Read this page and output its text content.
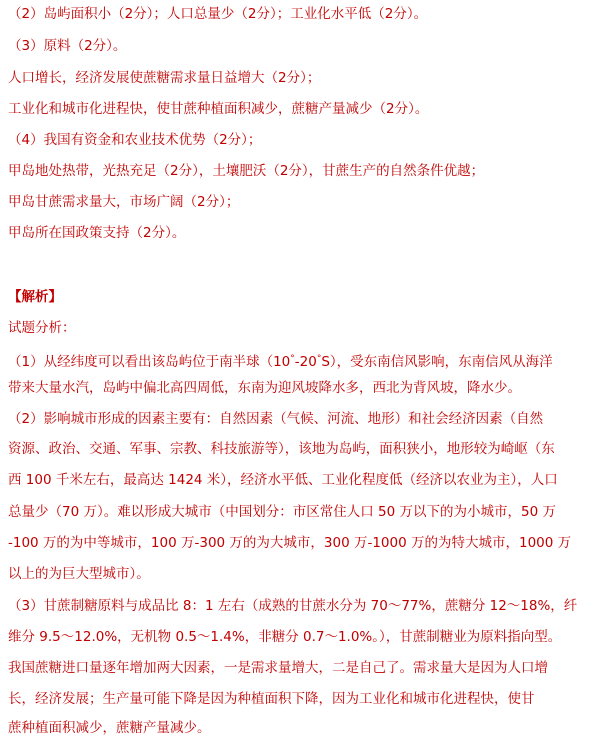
（2）岛屿面积小（2分）；人口总量少（2分）；工业化水平低（2分）。
（3）原料（2分）。
人口增长，经济发展使蔗糖需求量日益增大（2分）；
工业化和城市化进程快，使甘蔗种植面积减少，蔗糖产量减少（2分）。
（4）我国有资金和农业技术优势（2分）；
甲岛地处热带，光热充足（2分），土壤肥沃（2分），甘蔗生产的自然条件优越；
甲岛甘蔗需求量大，市场广阔（2分）；
甲岛所在国政策支持（2分）。
【解析】
试题分析：
（1）从经纬度可以看出该岛屿位于南半球（10°-20°S），受东南信风影响，东南信风从海洋
带来大量水汽，岛屿中偏北高四周低，东南为迎风坡降水多，西北为背风坡，降水少。
（2）影响城市形成的因素主要有：自然因素（气候、河流、地形）和社会经济因素（自然
资源、政治、交通、军事、宗教、科技旅游等），该地为岛屿，面积狭小，地形较为崎岖（东
西 100 千米左右，最高达 1424 米），经济水平低、工业化程度低（经济以农业为主），人口
总量少（70 万）。难以形成大城市（中国划分：市区常住人口 50 万以下的为小城市，50 万
-100 万的为中等城市，100 万-300 万的为大城市，300 万-1000 万的为特大城市，1000 万
以上的为巨大型城市）。
（3）甘蔗制糖原料与成品比 8：1 左右（成熟的甘蔗水分为 70～77%，蔗糖分 12～18%，纤
维分 9.5～12.0%，无机物 0.5～1.4%，非糖分 0.7～1.0%。），甘蔗制糖业为原料指向型。
我国蔗糖进口量逐年增加两大因素，一是需求量增大，二是自己了。需求量大是因为人口增
长，经济发展；生产量可能下降是因为种植面积下降，因为工业化和城市化进程快，使甘
蔗种植面积减少，蔗糖产量减少。
